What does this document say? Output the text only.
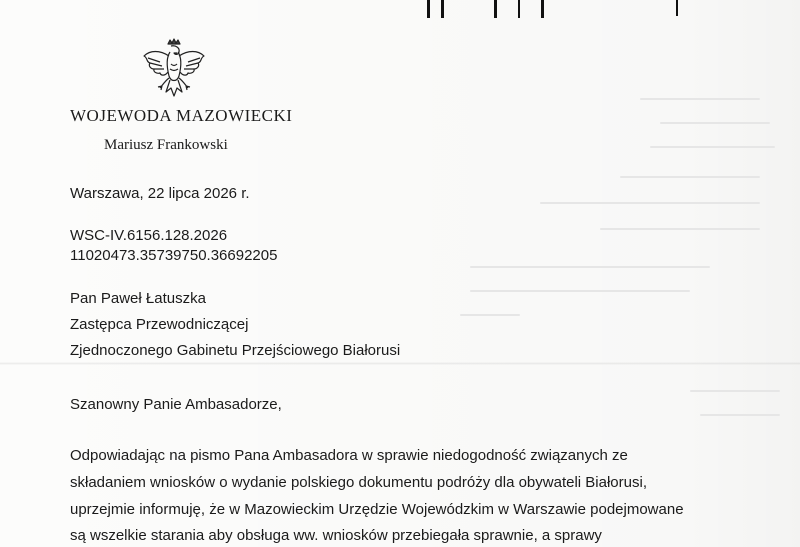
WOJEWODA MAZOWIECKI
Mariusz Frankowski
Warszawa, 22 lipca 2026 r.
WSC-IV.6156.128.2026
11020473.35739750.36692205
Pan Paweł Łatuszka
Zastępca Przewodniczącej
Zjednoczonego Gabinetu Przejściowego Białorusi
Szanowny Panie Ambasadorze,
Odpowiadając na pismo Pana Ambasadora w sprawie niedogodność związanych ze
składaniem wniosków o wydanie polskiego dokumentu podróży dla obywateli Białorusi,
uprzejmie informuję, że w Mazowieckim Urzędzie Wojewódzkim w Warszawie podejmowane
są wszelkie starania aby obsługa ww. wniosków przebiegała sprawnie, a sprawy
